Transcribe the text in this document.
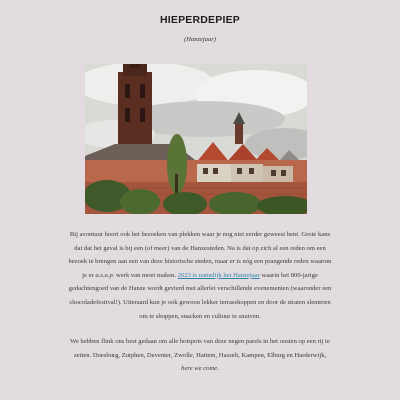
HIEPERDEPIEP
(Hanzejaar)

Bij avontuur hoort ook het bezoeken van plekken waar je nog niet eerder geweest bent. Grote kans dat dat het geval is bij een (of meer) van de Hanzesteden. Na is dat op zich al een reden om een bezoek te brengen aan een van deze historische steden, maar er is nóg een prangende reden waarom je er a.s.a.p. werk van moet maken. 2023 is namelijk het Hanzejaar waarin het 800-jarige gedachtengoed van de Hanze wordt gevierd met allerlei verschillende evenementen (waaronder een chocoladefestival!). Uiteraard kun je ook gewoon lekker terrasshoppen en door de straten slenteren om te shoppen, snacken en cultuur te snuiven.

We hebben flink ons best gedaan om alle hotspots van deze negen parels in het oosten op een rij te zetten. Doesburg, Zutphen, Deventer, Zwolle, Hattem, Hasselt, Kampen, Elburg en Harderwijk, here we come.
